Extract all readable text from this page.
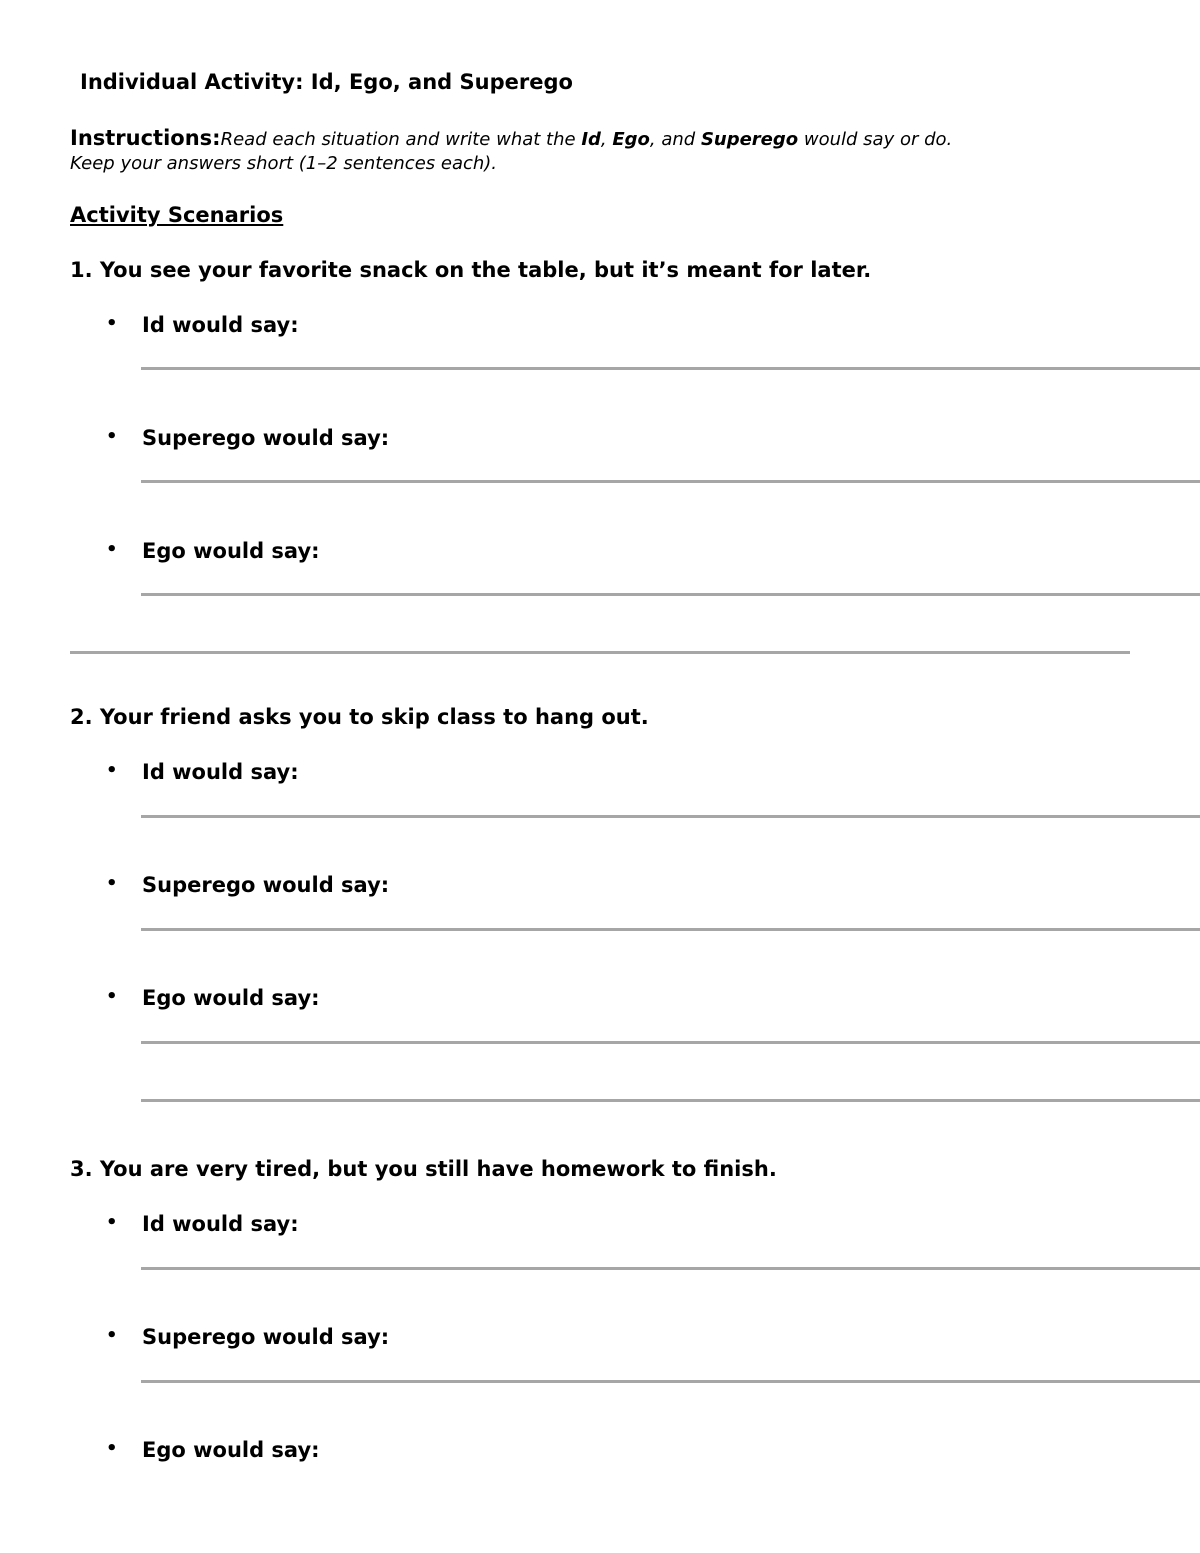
Individual Activity: Id, Ego, and Superego
Instructions:Read each situation and write what the Id, Ego, and Superego would say or do.
Keep your answers short (1–2 sentences each).
Activity Scenarios
1. You see your favorite snack on the table, but it’s meant for later.
• Id would say:
• Superego would say:
• Ego would say:
2. Your friend asks you to skip class to hang out.
• Id would say:
• Superego would say:
• Ego would say:
3. You are very tired, but you still have homework to finish.
• Id would say:
• Superego would say:
• Ego would say:
